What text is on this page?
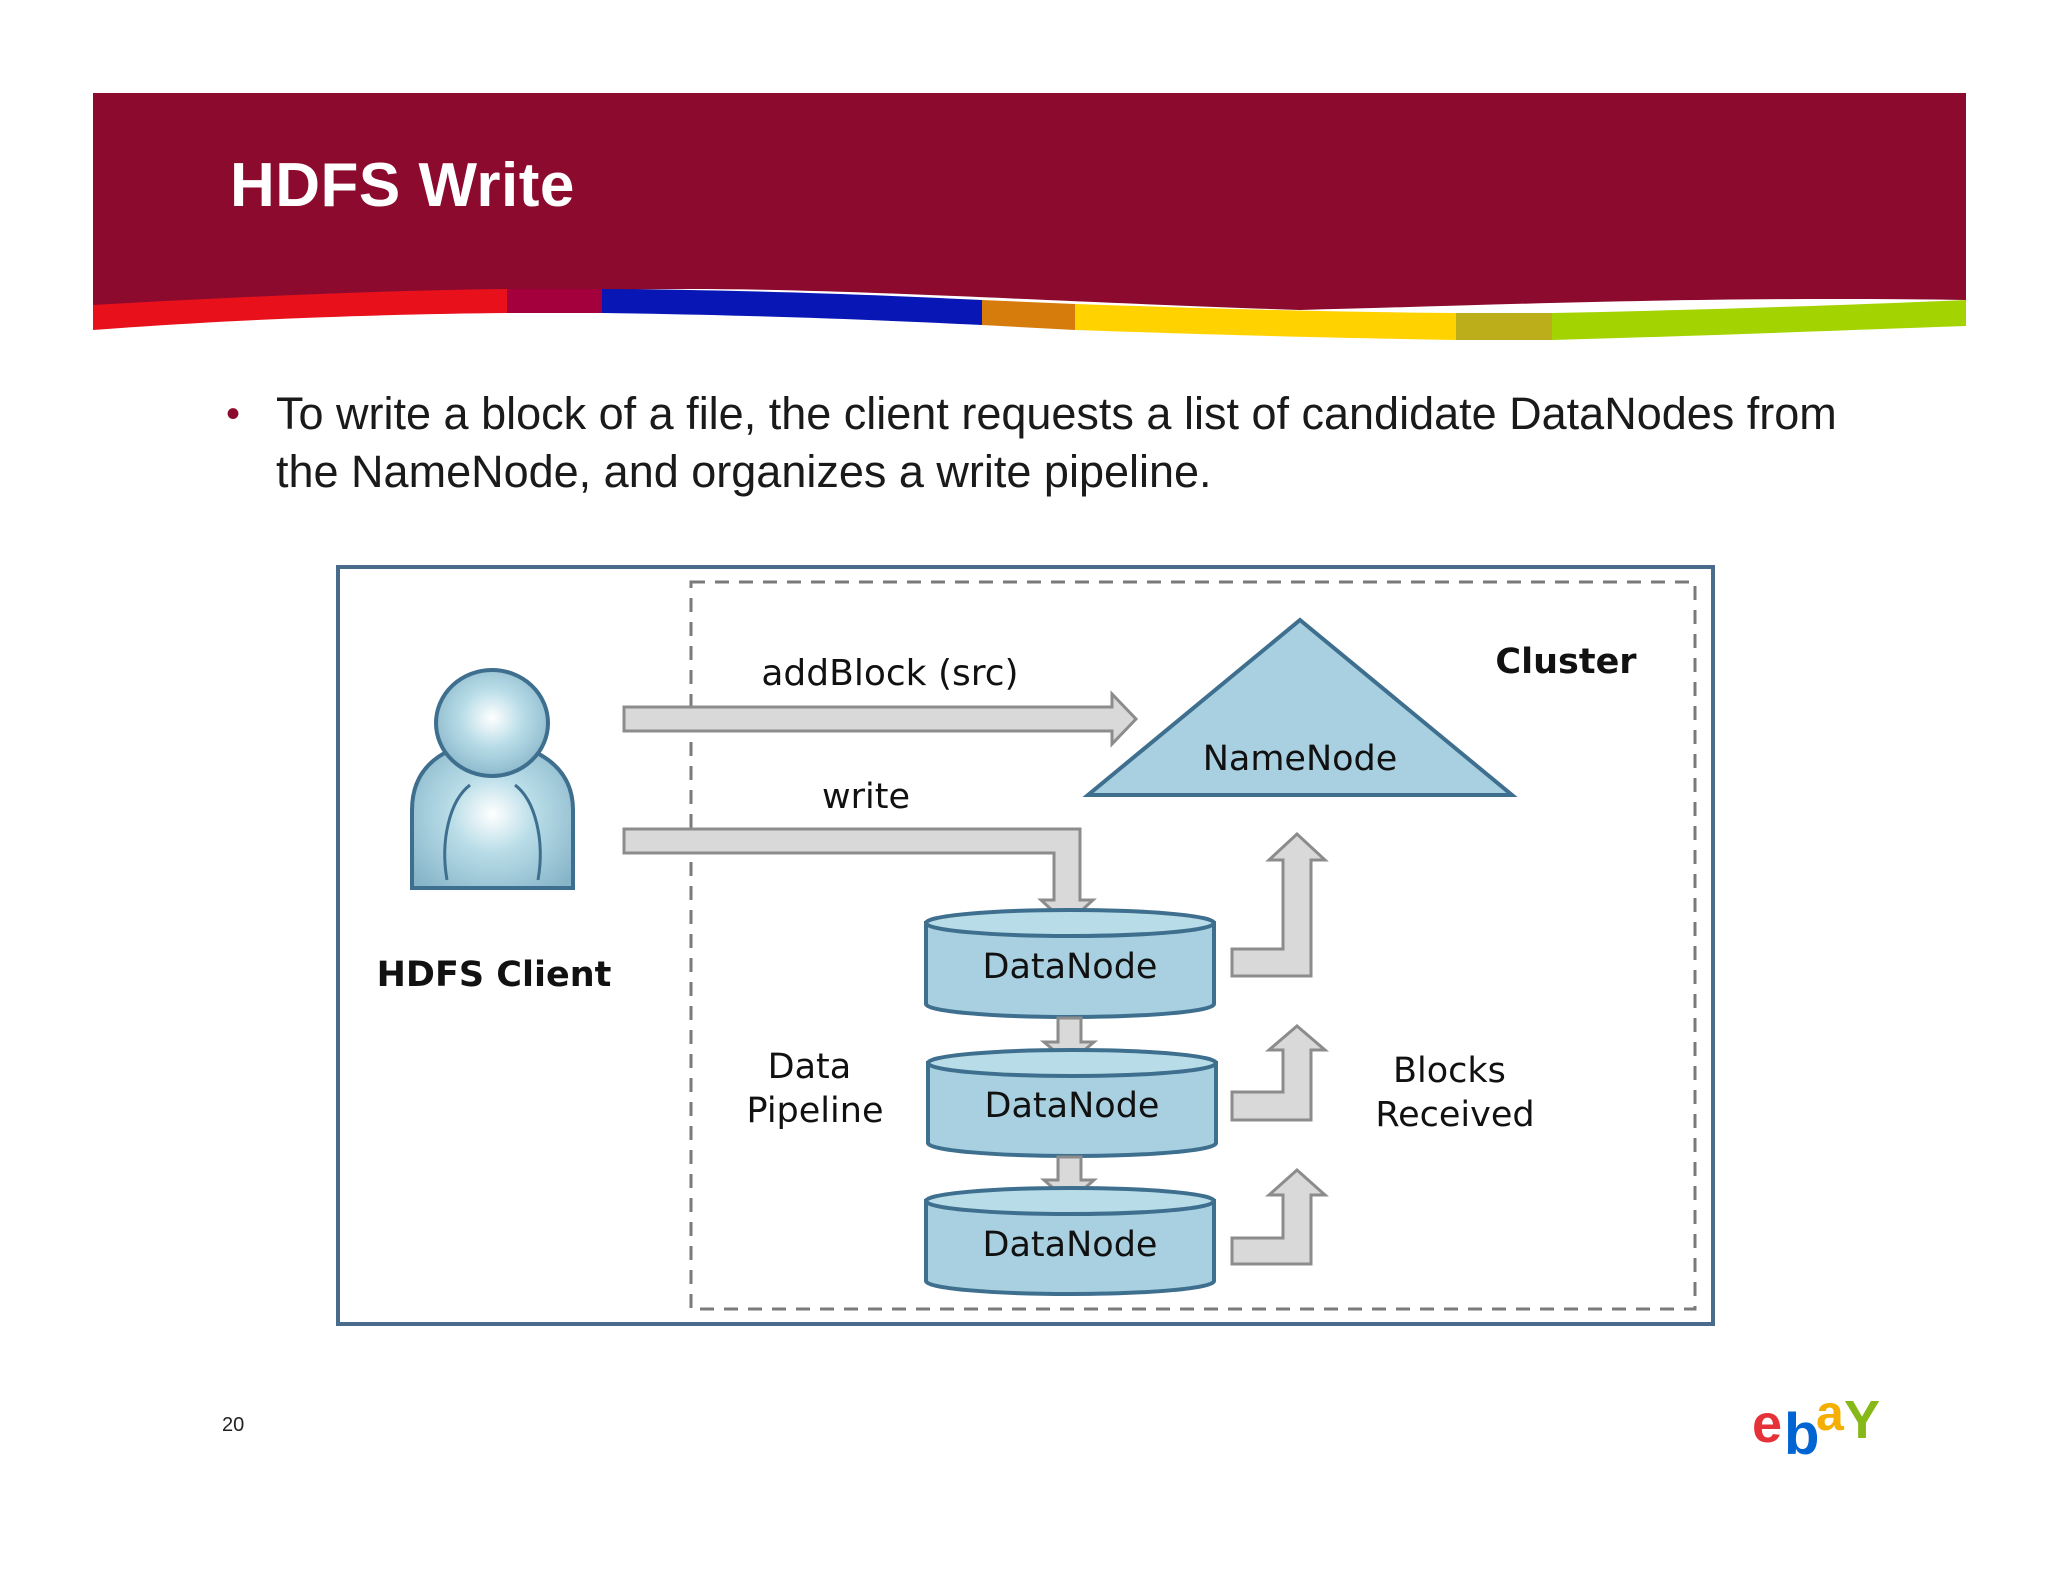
HDFS Write
• To write a block of a file, the client requests a list of candidate DataNodes from the NameNode, and organizes a write pipeline.
HDFS Client
Cluster
addBlock (src)
NameNode
write
DataNode
DataNode
DataNode
Data Pipeline
Blocks Received
20	e b
a Y
